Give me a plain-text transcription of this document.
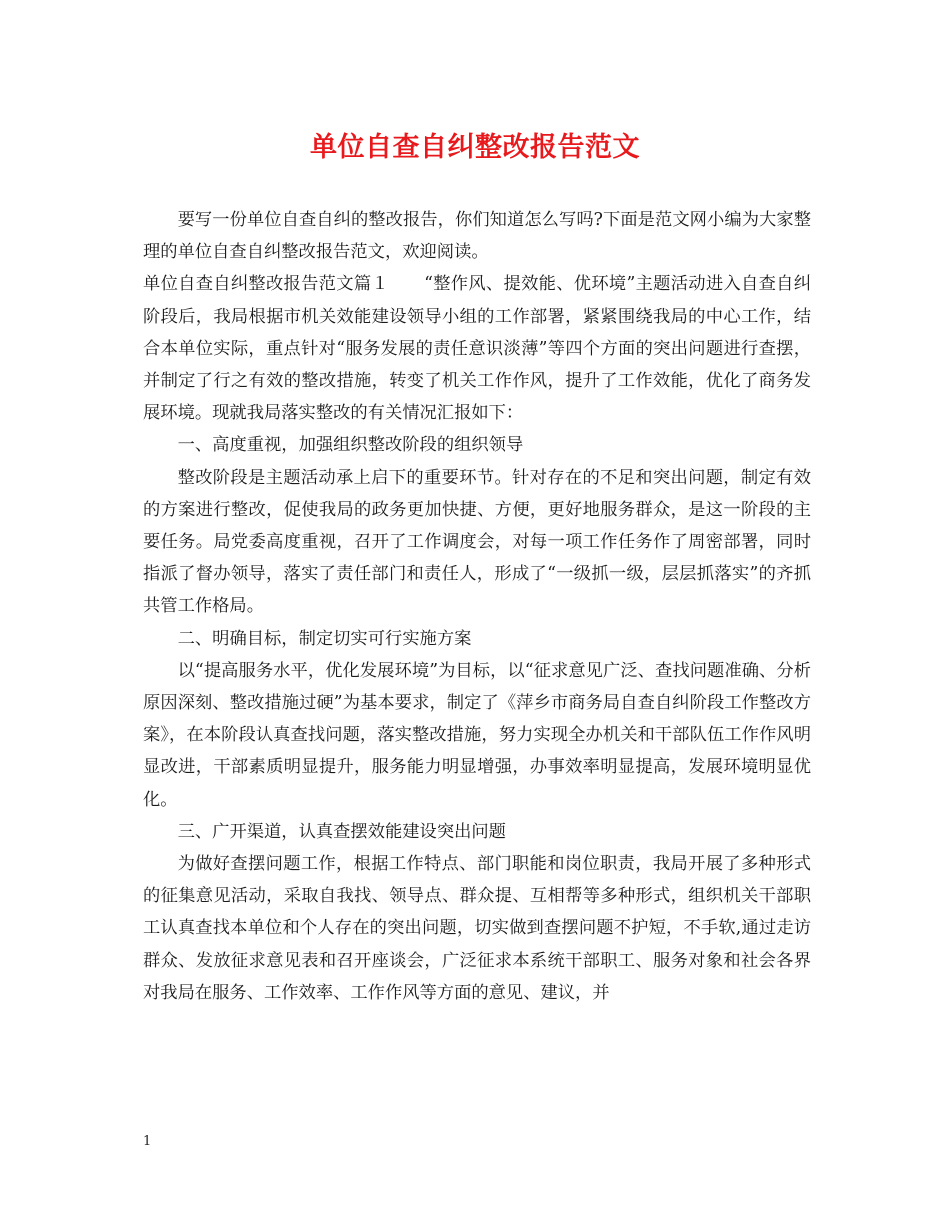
单位自查自纠整改报告范文

要写一份单位自查自纠的整改报告，你们知道怎么写吗?下面是范文网小编为大家整理的单位自查自纠整改报告范文，欢迎阅读。

单位自查自纠整改报告范文篇１　　“整作风、提效能、优环境”主题活动进入自查自纠阶段后，我局根据市机关效能建设领导小组的工作部署，紧紧围绕我局的中心工作，结合本单位实际，重点针对“服务发展的责任意识淡薄”等四个方面的突出问题进行查摆，并制定了行之有效的整改措施，转变了机关工作作风，提升了工作效能，优化了商务发展环境。现就我局落实整改的有关情况汇报如下：

一、高度重视，加强组织整改阶段的组织领导

整改阶段是主题活动承上启下的重要环节。针对存在的不足和突出问题，制定有效的方案进行整改，促使我局的政务更加快捷、方便，更好地服务群众，是这一阶段的主要任务。局党委高度重视，召开了工作调度会，对每一项工作任务作了周密部署，同时指派了督办领导，落实了责任部门和责任人，形成了“一级抓一级，层层抓落实”的齐抓共管工作格局。

二、明确目标，制定切实可行实施方案

以“提高服务水平，优化发展环境”为目标，以“征求意见广泛、查找问题准确、分析原因深刻、整改措施过硬”为基本要求，制定了《萍乡市商务局自查自纠阶段工作整改方案》，在本阶段认真查找问题，落实整改措施，努力实现全办机关和干部队伍工作作风明显改进，干部素质明显提升，服务能力明显增强，办事效率明显提高，发展环境明显优化。

三、广开渠道，认真查摆效能建设突出问题

为做好查摆问题工作，根据工作特点、部门职能和岗位职责，我局开展了多种形式的征集意见活动，采取自我找、领导点、群众提、互相帮等多种形式，组织机关干部职工认真查找本单位和个人存在的突出问题，切实做到查摆问题不护短，不手软,通过走访群众、发放征求意见表和召开座谈会，广泛征求本系统干部职工、服务对象和社会各界对我局在服务、工作效率、工作作风等方面的意见、建议，并

1
